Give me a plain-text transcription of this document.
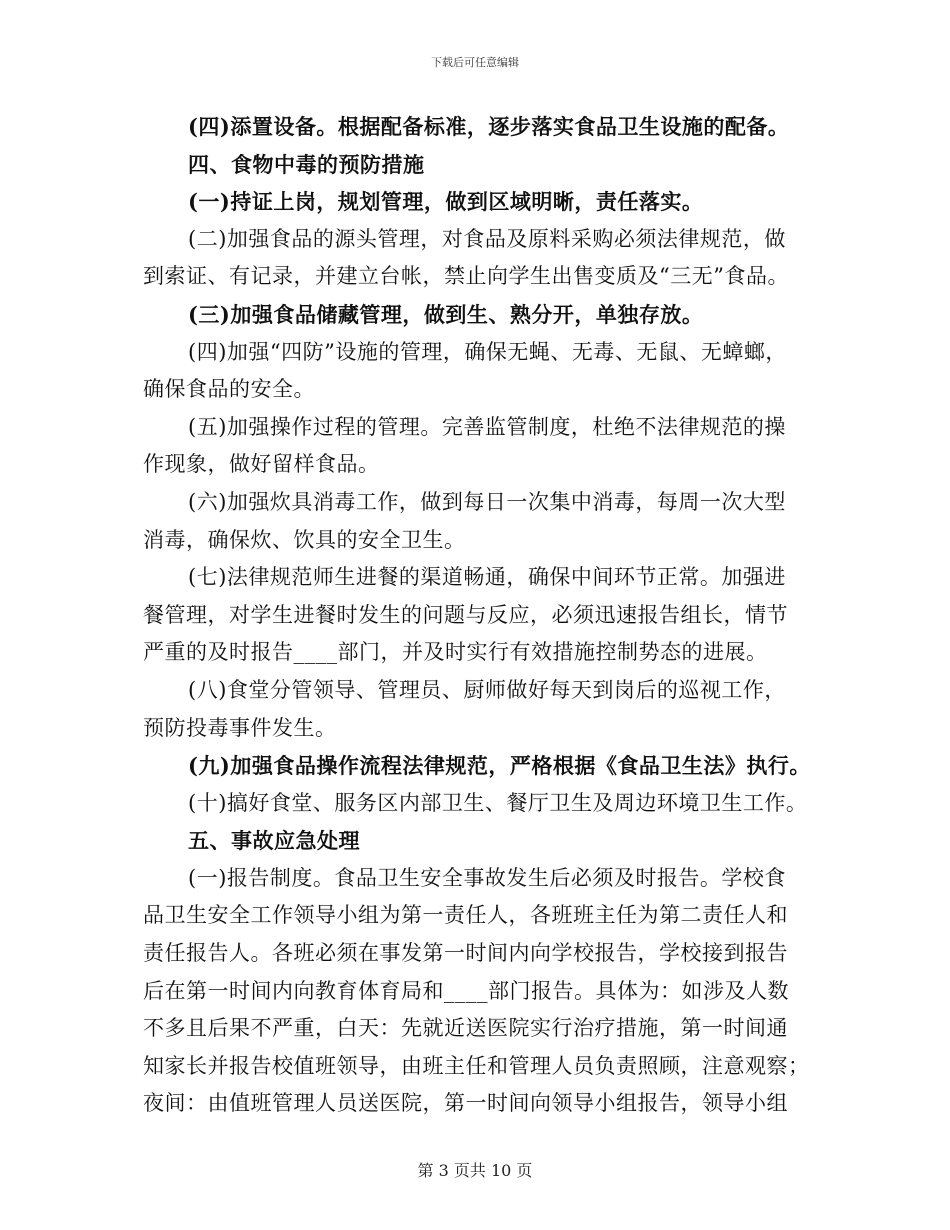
下载后可任意编辑
(四)添置设备。根据配备标准，逐步落实食品卫生设施的配备。
四、食物中毒的预防措施
(一)持证上岗，规划管理，做到区域明晰，责任落实。
(二)加强食品的源头管理，对食品及原料采购必须法律规范，做
到索证、有记录，并建立台帐，禁止向学生出售变质及“三无”食品。
(三)加强食品储藏管理，做到生、熟分开，单独存放。
(四)加强“四防”设施的管理，确保无蝇、无毒、无鼠、无蟑螂，
确保食品的安全。
(五)加强操作过程的管理。完善监管制度，杜绝不法律规范的操
作现象，做好留样食品。
(六)加强炊具消毒工作，做到每日一次集中消毒，每周一次大型
消毒，确保炊、饮具的安全卫生。
(七)法律规范师生进餐的渠道畅通，确保中间环节正常。加强进
餐管理，对学生进餐时发生的问题与反应，必须迅速报告组长，情节
严重的及时报告____部门，并及时实行有效措施控制势态的进展。
(八)食堂分管领导、管理员、厨师做好每天到岗后的巡视工作，
预防投毒事件发生。
(九)加强食品操作流程法律规范，严格根据《食品卫生法》执行。
(十)搞好食堂、服务区内部卫生、餐厅卫生及周边环境卫生工作。
五、事故应急处理
(一)报告制度。食品卫生安全事故发生后必须及时报告。学校食
品卫生安全工作领导小组为第一责任人，各班班主任为第二责任人和
责任报告人。各班必须在事发第一时间内向学校报告，学校接到报告
后在第一时间内向教育体育局和____部门报告。具体为：如涉及人数
不多且后果不严重，白天：先就近送医院实行治疗措施，第一时间通
知家长并报告校值班领导，由班主任和管理人员负责照顾，注意观察；
夜间：由值班管理人员送医院，第一时间向领导小组报告，领导小组
第 3 页共 10 页
